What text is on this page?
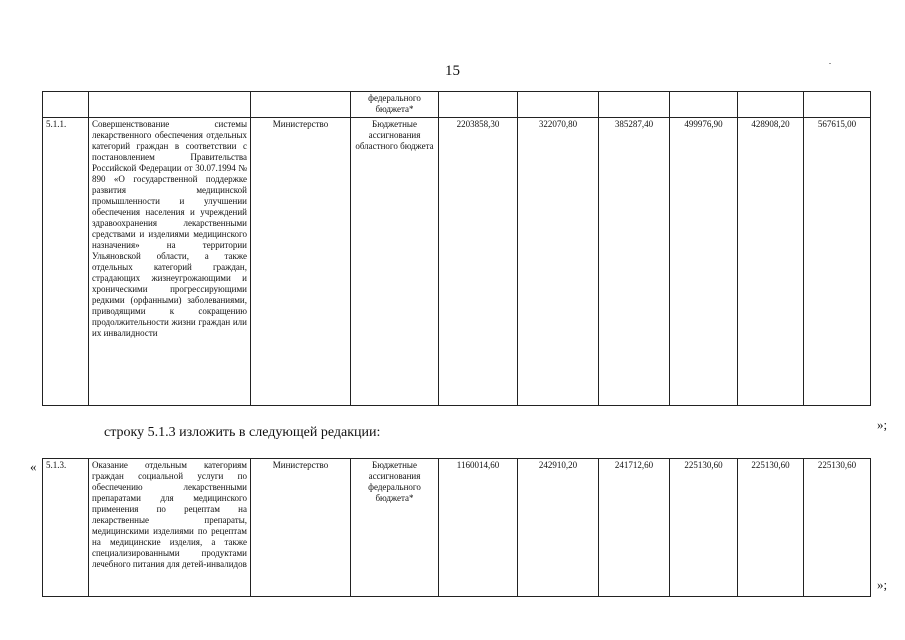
15
			федерального бюджета*						
5.1.1.	Совершенствование системы лекарственного обеспечения отдельных категорий граждан в соответствии с постановлением Правительства Российской Федерации от 30.07.1994 № 890 «О государственной поддержке развития медицинской промышленности и улучшении обеспечения населения и учреждений здравоохранения лекарственными средствами и изделиями медицинского назначения» на территории Ульяновской области, а также отдельных категорий граждан, страдающих жизнеугрожающими и хроническими прогрессирующими редкими (орфанными) заболеваниями, приводящими к сокращению продолжительности жизни граждан или их инвалидности	Министерство	Бюджетные ассигнования областного бюджета	2203858,30	322070,80	385287,40	499976,90	428908,20	567615,00
»;
строку 5.1.3 изложить в следующей редакции:
« 5.1.3.	Оказание отдельным категориям граждан социальной услуги по обеспечению лекарственными препаратами для медицинского применения по рецептам на лекарственные препараты, медицинскими изделиями по рецептам на медицинские изделия, а также специализированными продуктами лечебного питания для детей-инвалидов	Министерство	Бюджетные ассигнования федерального бюджета*	1160014,60	242910,20	241712,60	225130,60	225130,60	225130,60
»;
